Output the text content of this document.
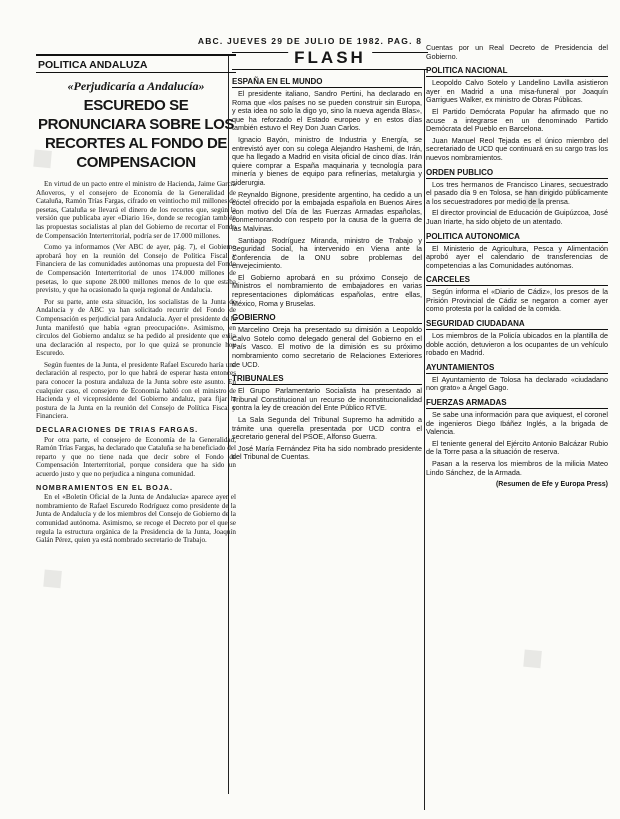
ABC. JUEVES 29 DE JULIO DE 1982. PAG. 8
POLITICA ANDALUZA
«Perjudicaría a Andalucía»
ESCUREDO SE PRONUNCIARA SOBRE LOS RECORTES AL FONDO DE COMPENSACION

En virtud de un pacto entre el ministro de Hacienda, Jaime García Añoveros, y el consejero de Economía de la Generalidad de Cataluña, Ramón Trías Fargas, cifrado en veintiocho mil millones de pesetas, Cataluña se llevará el dinero de los recortes que, según la versión que publicaba ayer «Diario 16», donde se recogían también las propuestas socialistas al plan del Gobierno de recortar el Fondo de Compensación Interterritorial, podría ser de 17.000 millones.

Como ya informamos (Ver ABC de ayer, pág. 7), el Gobierno aprobará hoy en la reunión del Consejo de Política Fiscal y Financiera de las comunidades autónomas una propuesta del Fondo de Compensación Interterritorial de unos 174.000 millones de pesetas, lo que supone 28.000 millones menos de lo que estaba previsto, y que ha ocasionado la queja regional de Andalucía.

Por su parte, ante esta situación, los socialistas de la Junta de Andalucía y de ABC ya han solicitado recurrir del Fondo de Compensación es perjudicial para Andalucía. Ayer el presidente de la Junta manifestó que había «gran preocupación». Asimismo, en círculos del Gobierno andaluz se ha pedido al presidente que exija una declaración al respecto, por lo que quizá se pronuncie hoy Escuredo.

Según fuentes de la Junta, el presidente Rafael Escuredo haría una declaración al respecto, por lo que habrá de esperar hasta entonces para conocer la postura andaluza de la Junta sobre este asunto. En cualquier caso, el consejero de Economía habló con el ministro de Hacienda y el vicepresidente del Gobierno andaluz, para fijar la postura de la Junta en la reunión del Consejo de Política Fiscal y Financiera.

DECLARACIONES DE TRIAS FARGAS.

Por otra parte, el consejero de Economía de la Generalidad, Ramón Trías Fargas, ha declarado que Cataluña se ha beneficiado del reparto y que no tiene nada que decir sobre el Fondo de Compensación Interterritorial, porque considera que ha sido un acuerdo justo y que no perjudica a ninguna comunidad.

NOMBRAMIENTOS EN EL BOJA.

En el «Boletín Oficial de la Junta de Andalucía» aparece ayer el nombramiento de Rafael Escuredo Rodríguez como presidente de la Junta de Andalucía y de los miembros del Consejo de Gobierno de la comunidad autónoma. Asimismo, se recoge el Decreto por el que se regula la estructura orgánica de la Presidencia de la Junta, Joaquín Galán Pérez, quien ya está nombrado secretario de Trabajo.

FLASH
ESPAÑA EN EL MUNDO
El presidente italiano, Sandro Pertini, ha declarado en Roma que «los países no se pueden construir sin Europa, y esta idea no solo la digo yo, sino la nueva agenda Blas», que ha reforzado el Estado europeo y en estos días también estuvo el Rey Don Juan Carlos.
Ignacio Bayón, ministro de Industria y Energía, se entrevistó ayer con su colega Alejandro Hashemi, de Irán, que ha llegado a Madrid en visita oficial de cinco días. Irán quiere comprar a España maquinaria y tecnología para minería y bienes de equipo para refinerías, metalurgia y siderurgia.
Reynaldo Bignone, presidente argentino, ha cedido a un cóctel ofrecido por la embajada española en Buenos Aires con motivo del Día de las Fuerzas Armadas españolas, conmemorando con respeto por la causa de la guerra de las Malvinas.
Santiago Rodríguez Miranda, ministro de Trabajo y Seguridad Social, ha intervenido en Viena ante la Conferencia de la ONU sobre problemas del envejecimiento.
El Gobierno aprobará en su próximo Consejo de Ministros el nombramiento de embajadores en varias representaciones diplomáticas españolas, entre ellas, México, Roma y Bruselas.
GOBIERNO
Marcelino Oreja ha presentado su dimisión a Leopoldo Calvo Sotelo como delegado general del Gobierno en el País Vasco. El motivo de la dimisión es su próximo nombramiento como secretario de Relaciones Exteriores de UCD.
TRIBUNALES
El Grupo Parlamentario Socialista ha presentado al Tribunal Constitucional un recurso de inconstitucionalidad contra la ley de creación del Ente Público RTVE.
La Sala Segunda del Tribunal Supremo ha admitido a trámite una querella presentada por UCD contra el secretario general del PSOE, Alfonso Guerra.
José María Fernández Pita ha sido nombrado presidente del Tribunal de Cuentas.
Cuentas por un Real Decreto de Presidencia del Gobierno.
POLITICA NACIONAL
Leopoldo Calvo Sotelo y Landelino Lavilla asistieron ayer en Madrid a una misa-funeral por Joaquín Garrigues Walker, ex ministro de Obras Públicas.
El Partido Demócrata Popular ha afirmado que no acuse a integrarse en un denominado Partido Demócrata del Pueblo en Barcelona.
Juan Manuel Reol Tejada es el único miembro del secretariado de UCD que continuará en su cargo tras los nuevos nombramientos.
ORDEN PUBLICO
Los tres hermanos de Francisco Linares, secuestrado el pasado día 9 en Tolosa, se han dirigido públicamente a los secuestradores por medio de la prensa.
El director provincial de Educación de Guipúzcoa, José Juan Iriarte, ha sido objeto de un atentado.
POLITICA AUTONOMICA
El Ministerio de Agricultura, Pesca y Alimentación aprobó ayer el calendario de transferencias de competencias a las Comunidades autónomas.
CARCELES
Según informa el «Diario de Cádiz», los presos de la Prisión Provincial de Cádiz se negaron a comer ayer como protesta por la calidad de la comida.
SEGURIDAD CIUDADANA
Los miembros de la Policía ubicados en la plantilla de doble acción, detuvieron a los ocupantes de un vehículo robado en Madrid.
AYUNTAMIENTOS
El Ayuntamiento de Tolosa ha declarado «ciudadano non grato» a Ángel Gago.
FUERZAS ARMADAS
Se sabe una información para que aviquest, el coronel de ingenieros Diego Ibáñez Inglés, a la brigada de Valencia.
El teniente general del Ejército Antonio Balcázar Rubio de la Torre pasa a la situación de reserva.
Pasan a la reserva los miembros de la milicia Mateo Lindo Sánchez, de la Armada.
(Resumen de Efe y Europa Press)
◆
◆
◆
◆
